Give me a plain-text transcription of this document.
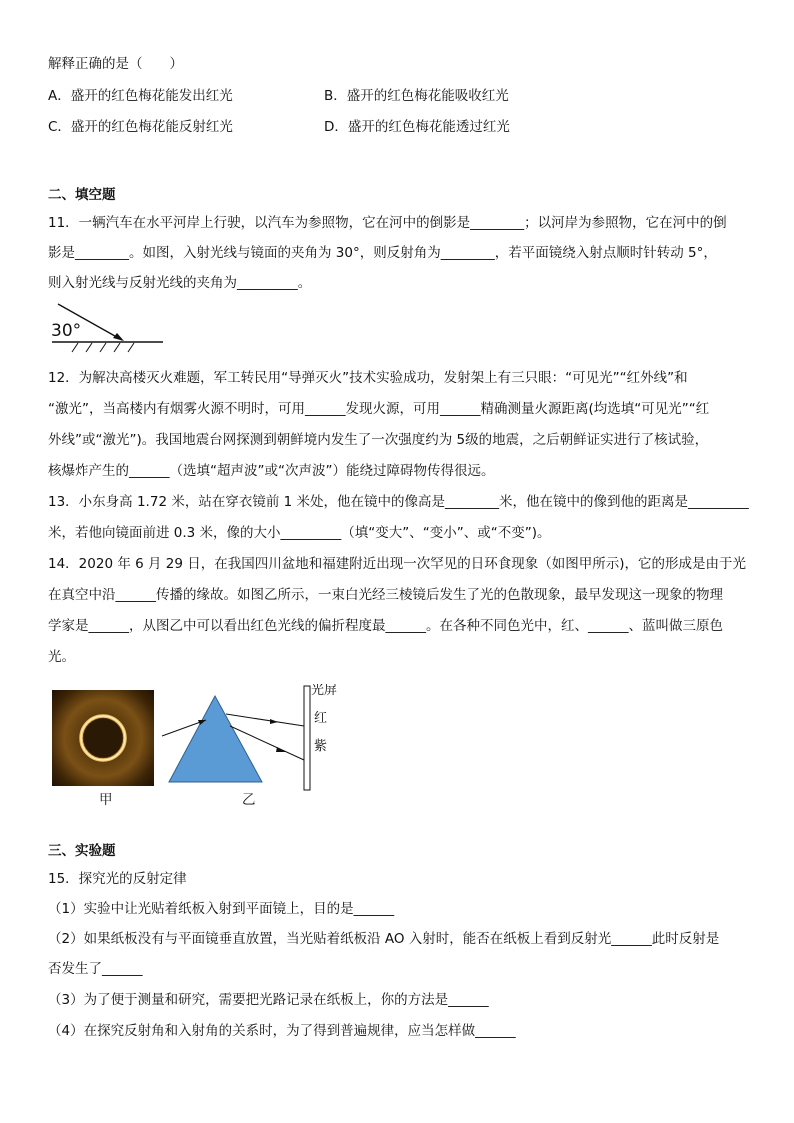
解释正确的是（　　）
A．盛开的红色梅花能发出红光	B．盛开的红色梅花能吸收红光
C．盛开的红色梅花能反射红光	D．盛开的红色梅花能透过红光
二、填空题
11．一辆汽车在水平河岸上行驶，以汽车为参照物，它在河中的倒影是________；以河岸为参照物，它在河中的倒
影是________。如图，入射光线与镜面的夹角为 30°，则反射角为________，若平面镜绕入射点顺时针转动 5°，
则入射光线与反射光线的夹角为_________。
30°
12．为解决高楼灭火难题，军工转民用“导弹灭火”技术实验成功，发射架上有三只眼：“可见光”“红外线”和
“激光”，当高楼内有烟雾火源不明时，可用______发现火源，可用______精确测量火源距离(均选填“可见光”“红
外线”或“激光”)。我国地震台网探测到朝鲜境内发生了一次强度约为 5级的地震，之后朝鲜证实进行了核试验，
核爆炸产生的______（选填“超声波”或“次声波”）能绕过障碍物传得很远。
13．小东身高 1.72 米，站在穿衣镜前 1 米处，他在镜中的像高是________米，他在镜中的像到他的距离是_________
米，若他向镜面前进 0.3 米，像的大小_________（填“变大”、“变小”、或“不变”)。
14．2020 年 6 月 29 日，在我国四川盆地和福建附近出现一次罕见的日环食现象（如图甲所示)，它的形成是由于光
在真空中沿______传播的缘故。如图乙所示，一束白光经三棱镜后发生了光的色散现象，最早发现这一现象的物理
学家是______，从图乙中可以看出红色光线的偏折程度最______。在各种不同色光中，红、______、蓝叫做三原色
光。
甲
光屏
红
紫
乙
三、实验题
15．探究光的反射定律
（1）实验中让光贴着纸板入射到平面镜上，目的是______
（2）如果纸板没有与平面镜垂直放置，当光贴着纸板沿 AO 入射时，能否在纸板上看到反射光______此时反射是
否发生了______
（3）为了便于测量和研究，需要把光路记录在纸板上，你的方法是______
（4）在探究反射角和入射角的关系时，为了得到普遍规律，应当怎样做______
